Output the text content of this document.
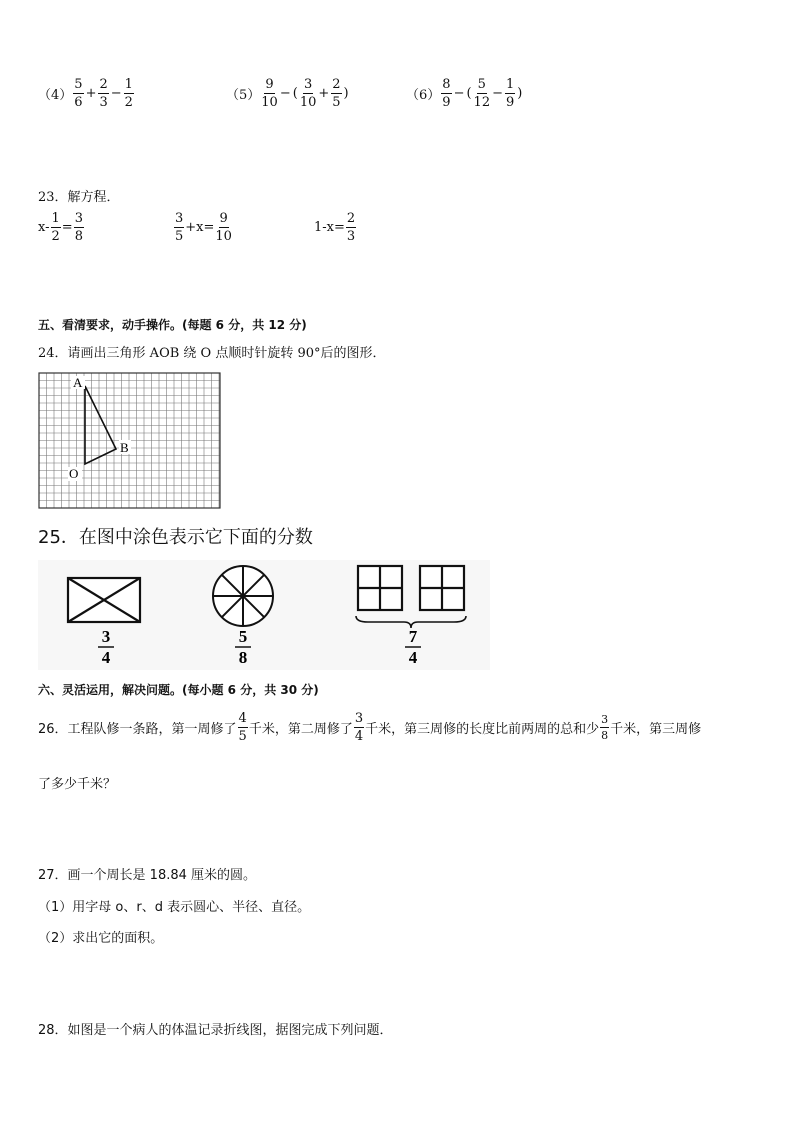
$(4) \frac{5}{6} + \frac{2}{3} - \frac{1}{2}$	$(5) \frac{9}{10}$ − ( $\frac{3}{10} + \frac{2}{5}$ )	$(6) \frac{8}{9}$ − ( $\frac{5}{12} - \frac{1}{9}$ )
23．解方程．
$x- \frac{1}{2} = \frac{3}{8}$	$\frac{3}{5} +x= \frac{9}{10}$	$1-x= \frac{2}{3}$
五、看清要求，动手操作。(每题 6 分，共 12 分)
24．请画出三角形 AOB 绕 O 点顺时针旋转 90°后的图形．
A
B
O
25．在图中涂色表示它下面的分数
3
4
5
8
7
4
六、灵活运用，解决问题。(每小题 6 分，共 30 分)
26．工程队修一条路，第一周修了 $\frac{4}{5}$ 千米，第二周修了 $\frac{3}{4}$ 千米，第三周修的长度比前两周的总和少 $\frac{3}{8}$ 千米，第三周修
了多少千米？
27．画一个周长是 18.84 厘米的圆。
（1）用字母 o、r、d 表示圆心、半径、直径。
（2）求出它的面积。
28．如图是一个病人的体温记录折线图，据图完成下列问题．
